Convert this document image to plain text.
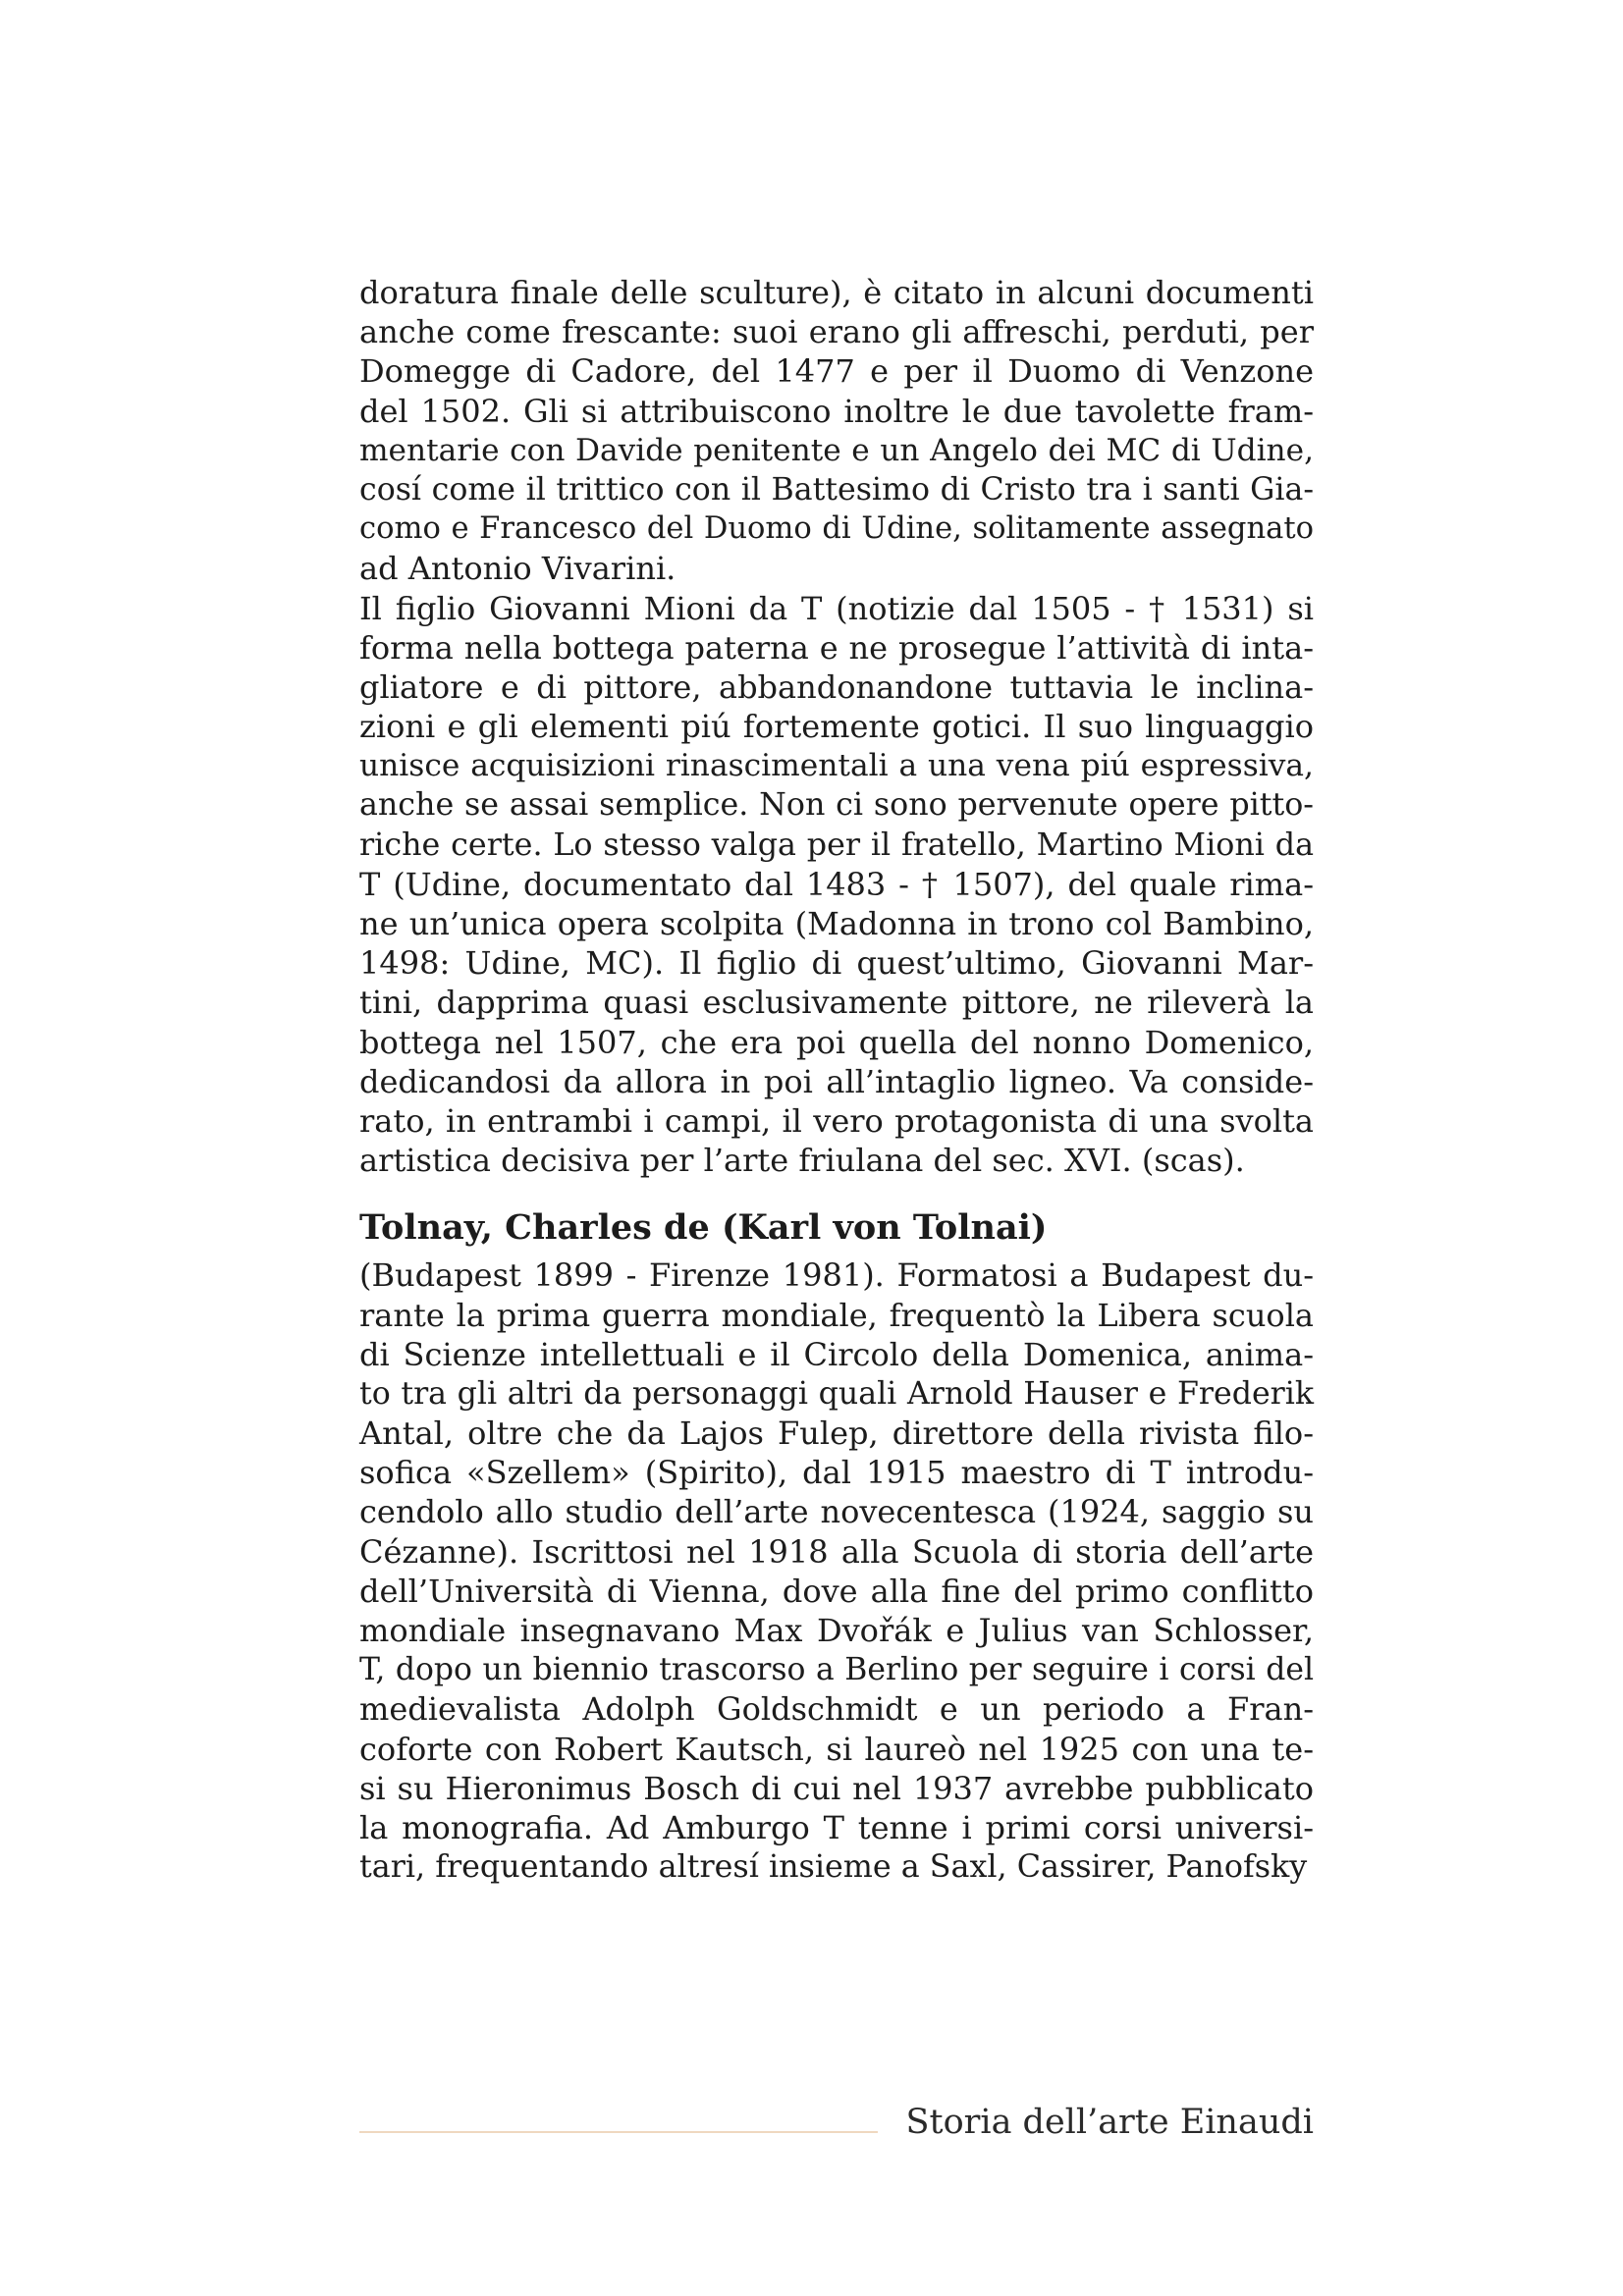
doratura finale delle sculture), è citato in alcuni documenti
anche come frescante: suoi erano gli affreschi, perduti, per
Domegge di Cadore, del 1477 e per il Duomo di Venzone
del 1502. Gli si attribuiscono inoltre le due tavolette fram-
mentarie con Davide penitente e un Angelo dei MC di Udine,
cosí come il trittico con il Battesimo di Cristo tra i santi Gia-
como e Francesco del Duomo di Udine, solitamente assegnato
ad Antonio Vivarini.
Il figlio Giovanni Mioni da T (notizie dal 1505 - † 1531) si
forma nella bottega paterna e ne prosegue l’attività di inta-
gliatore e di pittore, abbandonandone tuttavia le inclina-
zioni e gli elementi piú fortemente gotici. Il suo linguaggio
unisce acquisizioni rinascimentali a una vena piú espressiva,
anche se assai semplice. Non ci sono pervenute opere pitto-
riche certe. Lo stesso valga per il fratello, Martino Mioni da
T (Udine, documentato dal 1483 - † 1507), del quale rima-
ne un’unica opera scolpita (Madonna in trono col Bambino,
1498: Udine, MC). Il figlio di quest’ultimo, Giovanni Mar-
tini, dapprima quasi esclusivamente pittore, ne rileverà la
bottega nel 1507, che era poi quella del nonno Domenico,
dedicandosi da allora in poi all’intaglio ligneo. Va conside-
rato, in entrambi i campi, il vero protagonista di una svolta
artistica decisiva per l’arte friulana del sec. XVI. (scas).
Tolnay, Charles de (Karl von Tolnai)
(Budapest 1899 - Firenze 1981). Formatosi a Budapest du-
rante la prima guerra mondiale, frequentò la Libera scuola
di Scienze intellettuali e il Circolo della Domenica, anima-
to tra gli altri da personaggi quali Arnold Hauser e Frederik
Antal, oltre che da Lajos Fulep, direttore della rivista filo-
sofica «Szellem» (Spirito), dal 1915 maestro di T introdu-
cendolo allo studio dell’arte novecentesca (1924, saggio su
Cézanne). Iscrittosi nel 1918 alla Scuola di storia dell’arte
dell’Università di Vienna, dove alla fine del primo conflitto
mondiale insegnavano Max Dvořák e Julius van Schlosser,
T, dopo un biennio trascorso a Berlino per seguire i corsi del
medievalista Adolph Goldschmidt e un periodo a Fran-
coforte con Robert Kautsch, si laureò nel 1925 con una te-
si su Hieronimus Bosch di cui nel 1937 avrebbe pubblicato
la monografia. Ad Amburgo T tenne i primi corsi universi-
tari, frequentando altresí insieme a Saxl, Cassirer, Panofsky
Storia dell’arte Einaudi
